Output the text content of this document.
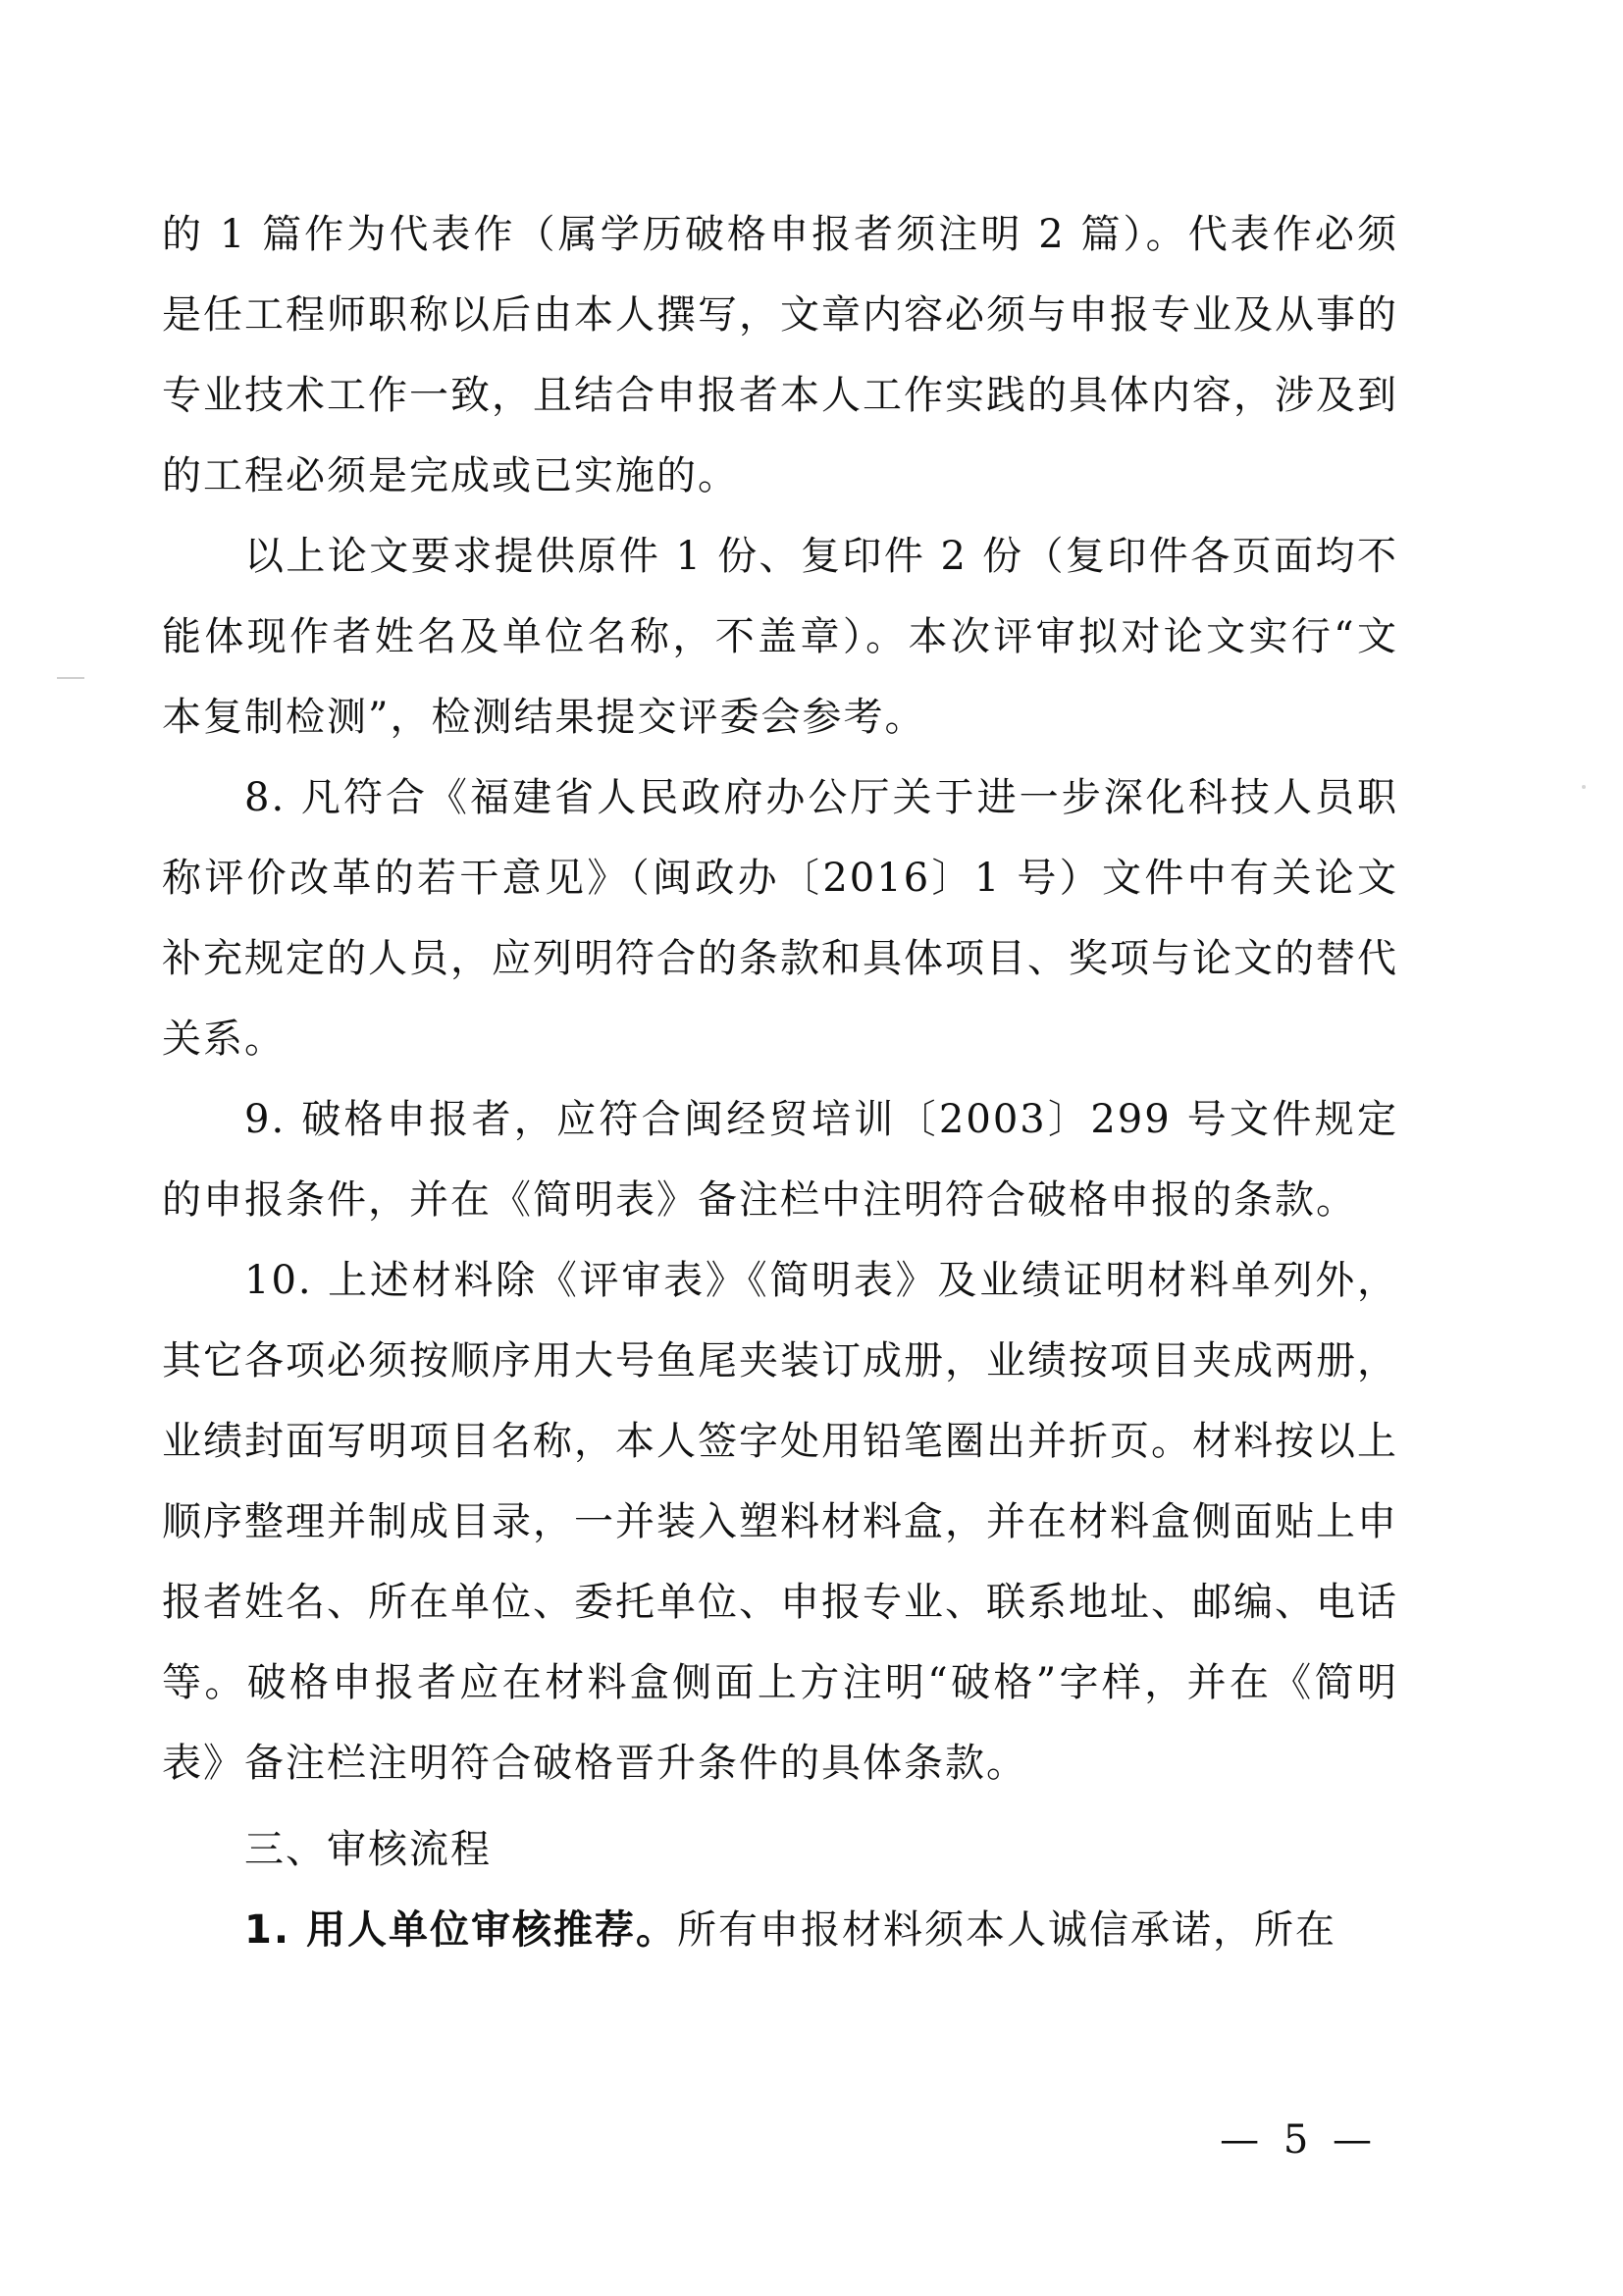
的 1 篇作为代表作（属学历破格申报者须注明 2 篇）。代表作必须是任工程师职称以后由本人撰写，文章内容必须与申报专业及从事的专业技术工作一致，且结合申报者本人工作实践的具体内容，涉及到的工程必须是完成或已实施的。

以上论文要求提供原件 1 份、复印件 2 份（复印件各页面均不能体现作者姓名及单位名称，不盖章）。本次评审拟对论文实行“文本复制检测”，检测结果提交评委会参考。

8. 凡符合《福建省人民政府办公厅关于进一步深化科技人员职称评价改革的若干意见》（闽政办〔2016〕1 号）文件中有关论文补充规定的人员，应列明符合的条款和具体项目、奖项与论文的替代关系。

9. 破格申报者，应符合闽经贸培训〔2003〕299 号文件规定的申报条件，并在《简明表》备注栏中注明符合破格申报的条款。

10. 上述材料除《评审表》《简明表》及业绩证明材料单列外，其它各项必须按顺序用大号鱼尾夹装订成册，业绩按项目夹成两册，业绩封面写明项目名称，本人签字处用铅笔圈出并折页。材料按以上顺序整理并制成目录，一并装入塑料材料盒，并在材料盒侧面贴上申报者姓名、所在单位、委托单位、申报专业、联系地址、邮编、电话等。破格申报者应在材料盒侧面上方注明“破格”字样，并在《简明表》备注栏注明符合破格晋升条件的具体条款。

三、审核流程

1. 用人单位审核推荐。所有申报材料须本人诚信承诺，所在

— 5 —
